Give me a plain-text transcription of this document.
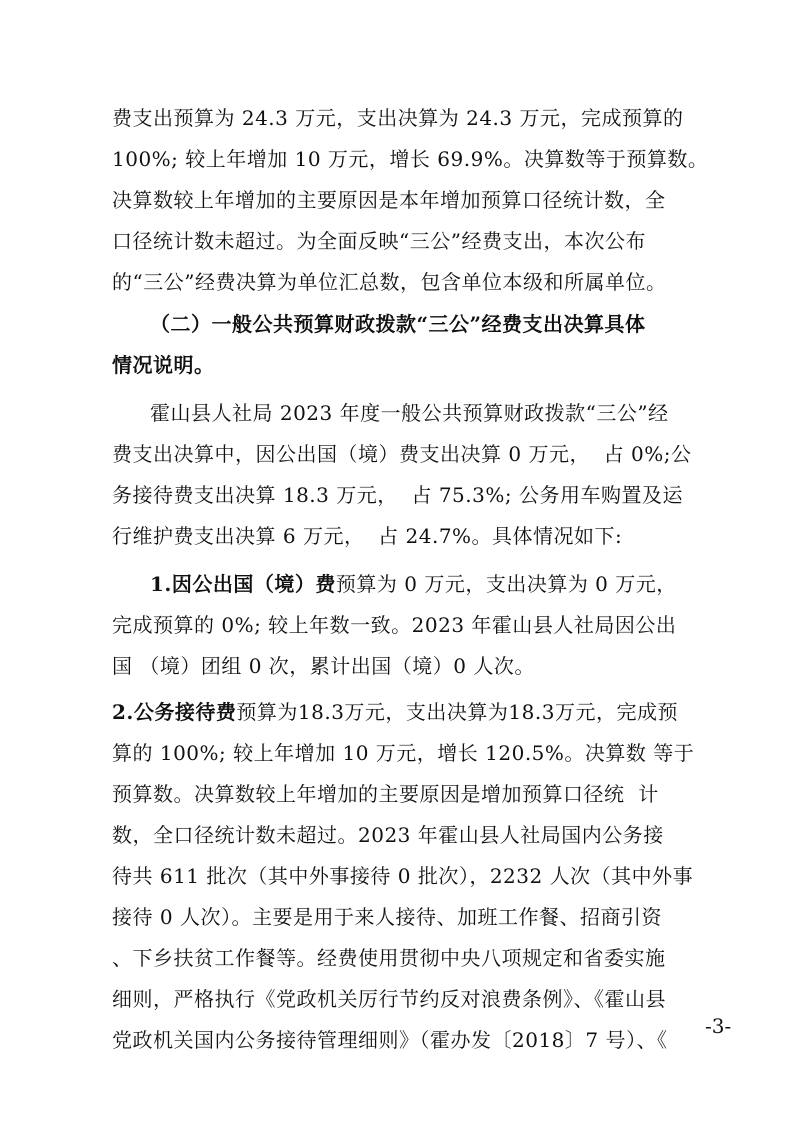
费支出预算为 24.3 万元，支出决算为 24.3 万元，完成预算的
100%; 较上年增加 10 万元，增长 69.9%。决算数等于预算数。
决算数较上年增加的主要原因是本年增加预算口径统计数，全
口径统计数未超过。为全面反映“三公”经费支出，本次公布
的“三公”经费决算为单位汇总数，包含单位本级和所属单位。
（二）一般公共预算财政拨款“三公”经费支出决算具体
情况说明。
霍山县人社局 2023 年度一般公共预算财政拨款“三公”经
费支出决算中，因公出国（境）费支出决算 0 万元，  占 0%;公
务接待费支出决算 18.3 万元，  占 75.3%; 公务用车购置及运
行维护费支出决算 6 万元，  占 24.7%。具体情况如下:
1.因公出国（境）费预算为 0 万元，支出决算为 0 万元，
完成预算的 0%; 较上年数一致。2023 年霍山县人社局因公出
国 （境）团组 0 次，累计出国（境）0 人次。
2.公务接待费预算为18.3万元，支出决算为18.3万元，完成预
算的 100%; 较上年增加 10 万元，增长 120.5%。决算数 等于
预算数。决算数较上年增加的主要原因是增加预算口径统  计
数，全口径统计数未超过。2023 年霍山县人社局国内公务接
待共 611 批次（其中外事接待 0 批次），2232 人次（其中外事
接待 0 人次）。主要是用于来人接待、加班工作餐、招商引资
、下乡扶贫工作餐等。经费使用贯彻中央八项规定和省委实施
细则，严格执行《党政机关厉行节约反对浪费条例》、《霍山县
党政机关国内公务接待管理细则》（霍办发〔2018〕7 号）、《
-3-
